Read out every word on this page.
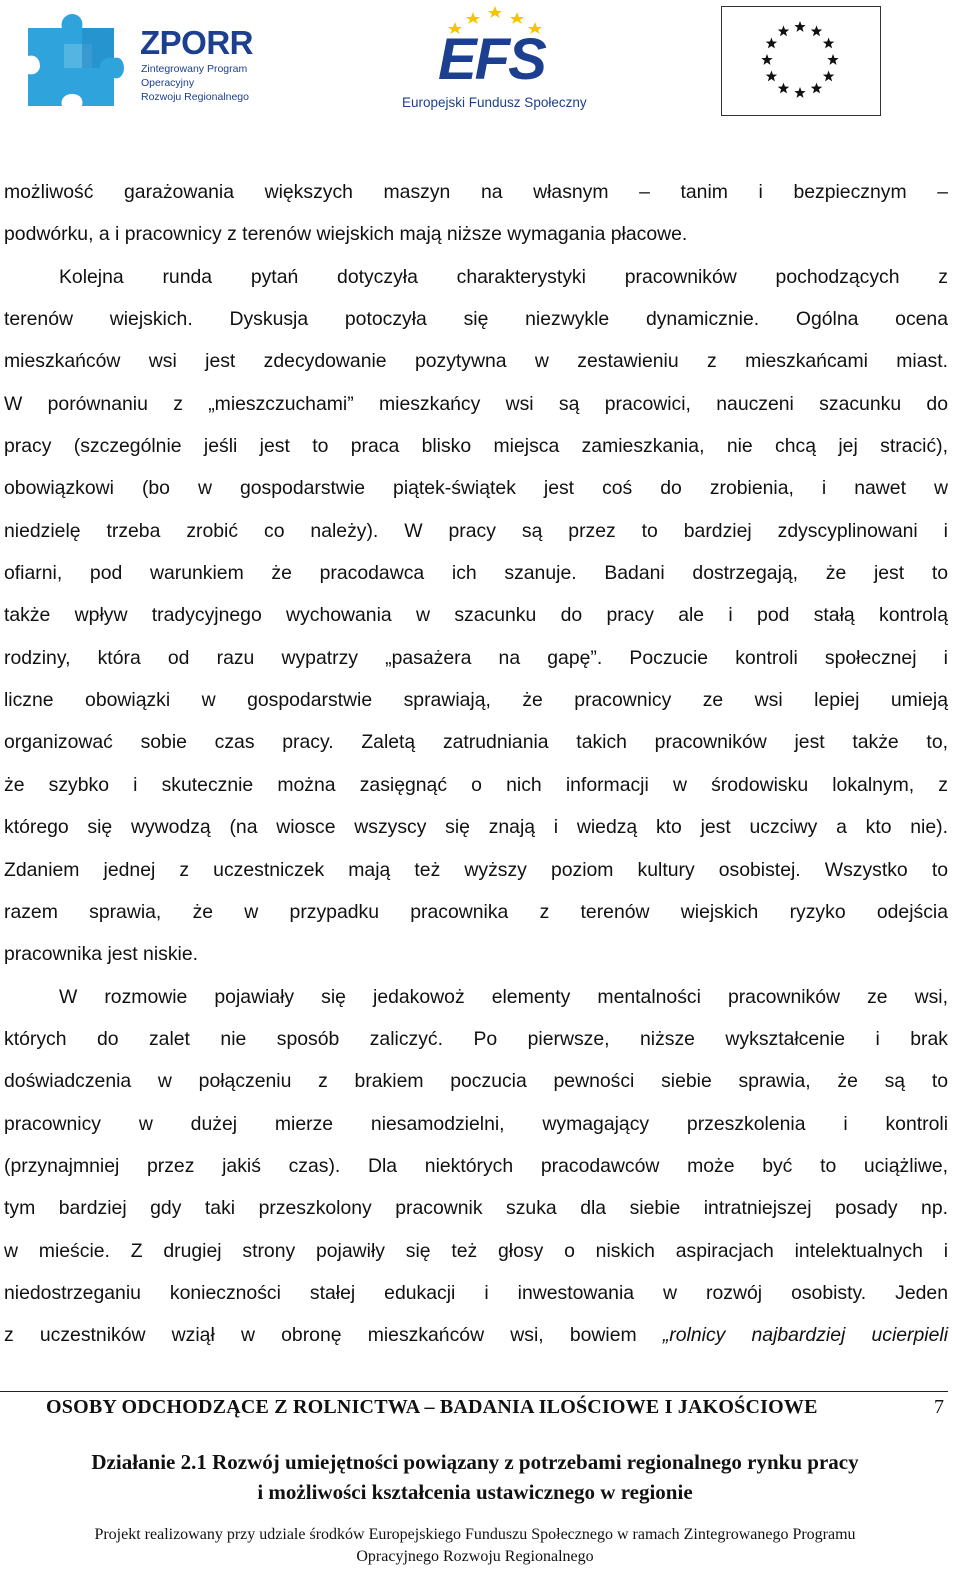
ZPORR
Zintegrowany Program
Operacyjny
Rozwoju Regionalnego
EFS
Europejski Fundusz Społeczny
możliwość garażowania większych maszyn na własnym – tanim i bezpiecznym –
podwórku, a i pracownicy z terenów wiejskich mają niższe wymagania płacowe.
Kolejna runda pytań dotyczyła charakterystyki pracowników pochodzących z
terenów wiejskich. Dyskusja potoczyła się niezwykle dynamicznie. Ogólna ocena
mieszkańców wsi jest zdecydowanie pozytywna w zestawieniu z mieszkańcami miast.
W porównaniu z „mieszczuchami” mieszkańcy wsi są pracowici, nauczeni szacunku do
pracy (szczególnie jeśli jest to praca blisko miejsca zamieszkania, nie chcą jej stracić),
obowiązkowi (bo w gospodarstwie piątek-świątek jest coś do zrobienia, i nawet w
niedzielę trzeba zrobić co należy). W pracy są przez to bardziej zdyscyplinowani i
ofiarni, pod warunkiem że pracodawca ich szanuje. Badani dostrzegają, że jest to
także wpływ tradycyjnego wychowania w szacunku do pracy ale i pod stałą kontrolą
rodziny, która od razu wypatrzy „pasażera na gapę”. Poczucie kontroli społecznej i
liczne obowiązki w gospodarstwie sprawiają, że pracownicy ze wsi lepiej umieją
organizować sobie czas pracy. Zaletą zatrudniania takich pracowników jest także to,
że szybko i skutecznie można zasięgnąć o nich informacji w środowisku lokalnym, z
którego się wywodzą (na wiosce wszyscy się znają i wiedzą kto jest uczciwy a kto nie).
Zdaniem jednej z uczestniczek mają też wyższy poziom kultury osobistej. Wszystko to
razem sprawia, że w przypadku pracownika z terenów wiejskich ryzyko odejścia
pracownika jest niskie.
W rozmowie pojawiały się jedakowoż elementy mentalności pracowników ze wsi,
których do zalet nie sposób zaliczyć. Po pierwsze, niższe wykształcenie i brak
doświadczenia w połączeniu z brakiem poczucia pewności siebie sprawia, że są to
pracownicy w dużej mierze niesamodzielni, wymagający przeszkolenia i kontroli
(przynajmniej przez jakiś czas). Dla niektórych pracodawców może być to uciążliwe,
tym bardziej gdy taki przeszkolony pracownik szuka dla siebie intratniejszej posady np.
w mieście. Z drugiej strony pojawiły się też głosy o niskich aspiracjach intelektualnych i
niedostrzeganiu konieczności stałej edukacji i inwestowania w rozwój osobisty. Jeden
z uczestników wziął w obronę mieszkańców wsi, bowiem „rolnicy najbardziej ucierpieli
OSOBY ODCHODZĄCE Z ROLNICTWA – BADANIA ILOŚCIOWE I JAKOŚCIOWE	7
Działanie 2.1 Rozwój umiejętności powiązany z potrzebami regionalnego rynku pracy
i możliwości kształcenia ustawicznego w regionie
Projekt realizowany przy udziale środków Europejskiego Funduszu Społecznego w ramach Zintegrowanego Programu
Opracyjnego Rozwoju Regionalnego
